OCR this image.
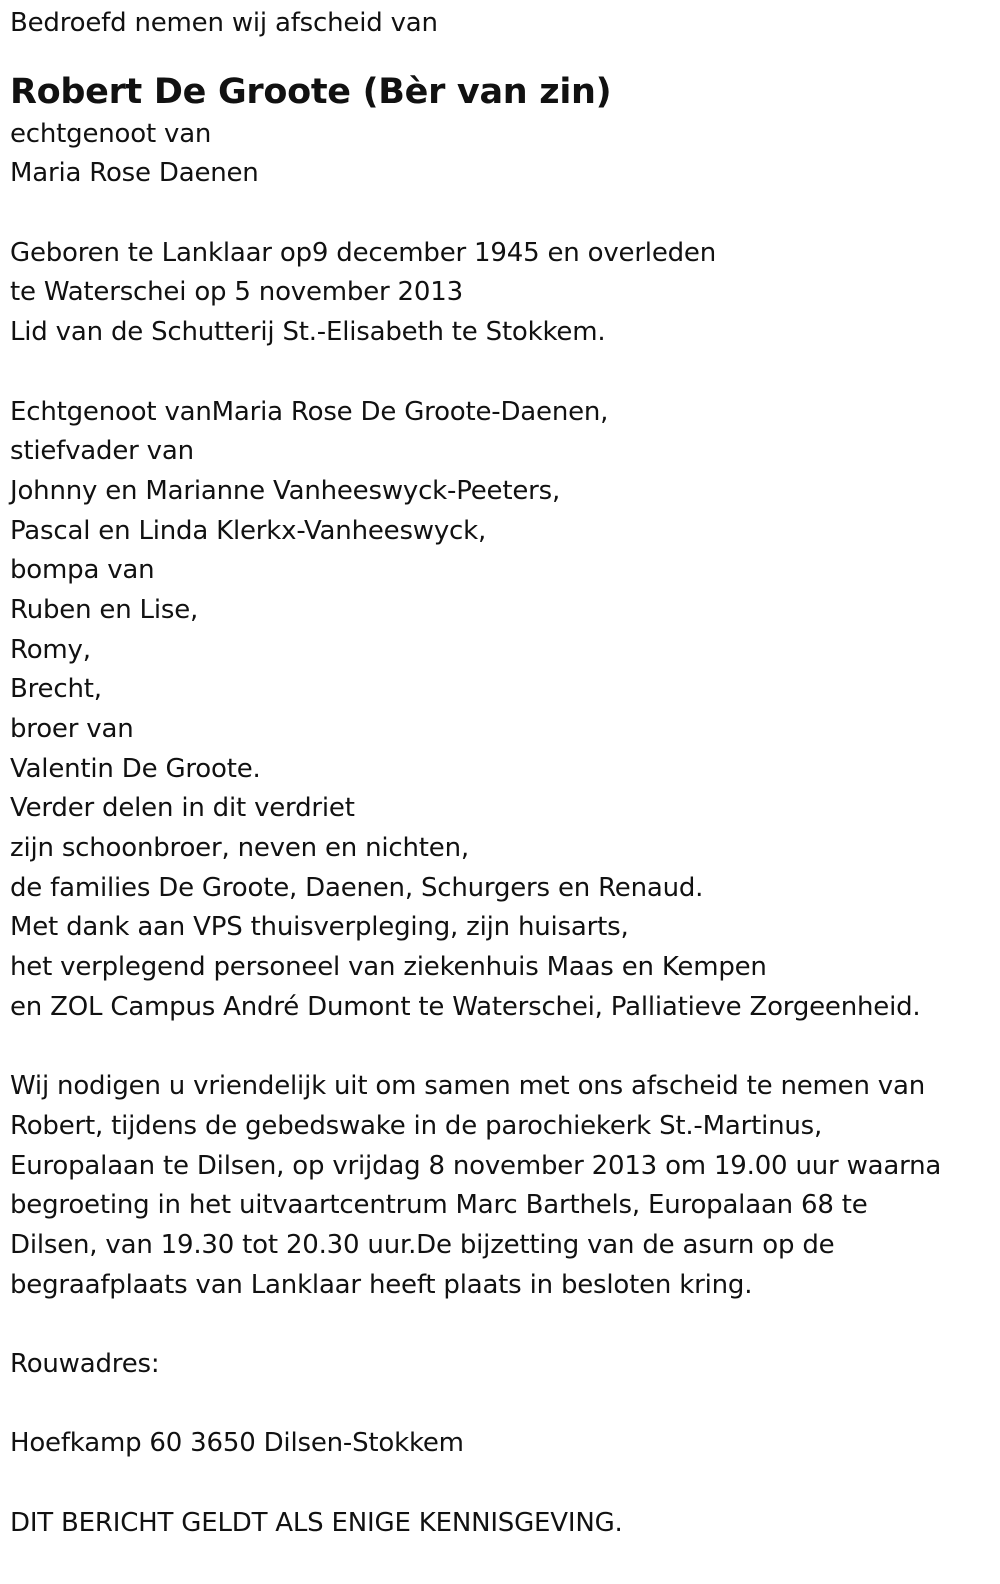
Bedroefd nemen wij afscheid van
Robert De Groote (Bèr van zin)
echtgenoot van
Maria Rose Daenen
Geboren te Lanklaar op9 december 1945 en overleden
te Waterschei op 5 november 2013
Lid van de Schutterij St.-Elisabeth te Stokkem.
Echtgenoot vanMaria Rose De Groote-Daenen,
stiefvader van
Johnny en Marianne Vanheeswyck-Peeters,
Pascal en Linda Klerkx-Vanheeswyck,
bompa van
Ruben en Lise,
Romy,
Brecht,
broer van
Valentin De Groote.
Verder delen in dit verdriet
zijn schoonbroer, neven en nichten,
de families De Groote, Daenen, Schurgers en Renaud.
Met dank aan VPS thuisverpleging, zijn huisarts,
het verplegend personeel van ziekenhuis Maas en Kempen
en ZOL Campus André Dumont te Waterschei, Palliatieve Zorgeenheid.
Wij nodigen u vriendelijk uit om samen met ons afscheid te nemen van
Robert, tijdens de gebedswake in de parochiekerk St.-Martinus,
Europalaan te Dilsen, op vrijdag 8 november 2013 om 19.00 uur waarna
begroeting in het uitvaartcentrum Marc Barthels, Europalaan 68 te
Dilsen, van 19.30 tot 20.30 uur.De bijzetting van de asurn op de
begraafplaats van Lanklaar heeft plaats in besloten kring.
Rouwadres:
Hoefkamp 60 3650 Dilsen-Stokkem
DIT BERICHT GELDT ALS ENIGE KENNISGEVING.
